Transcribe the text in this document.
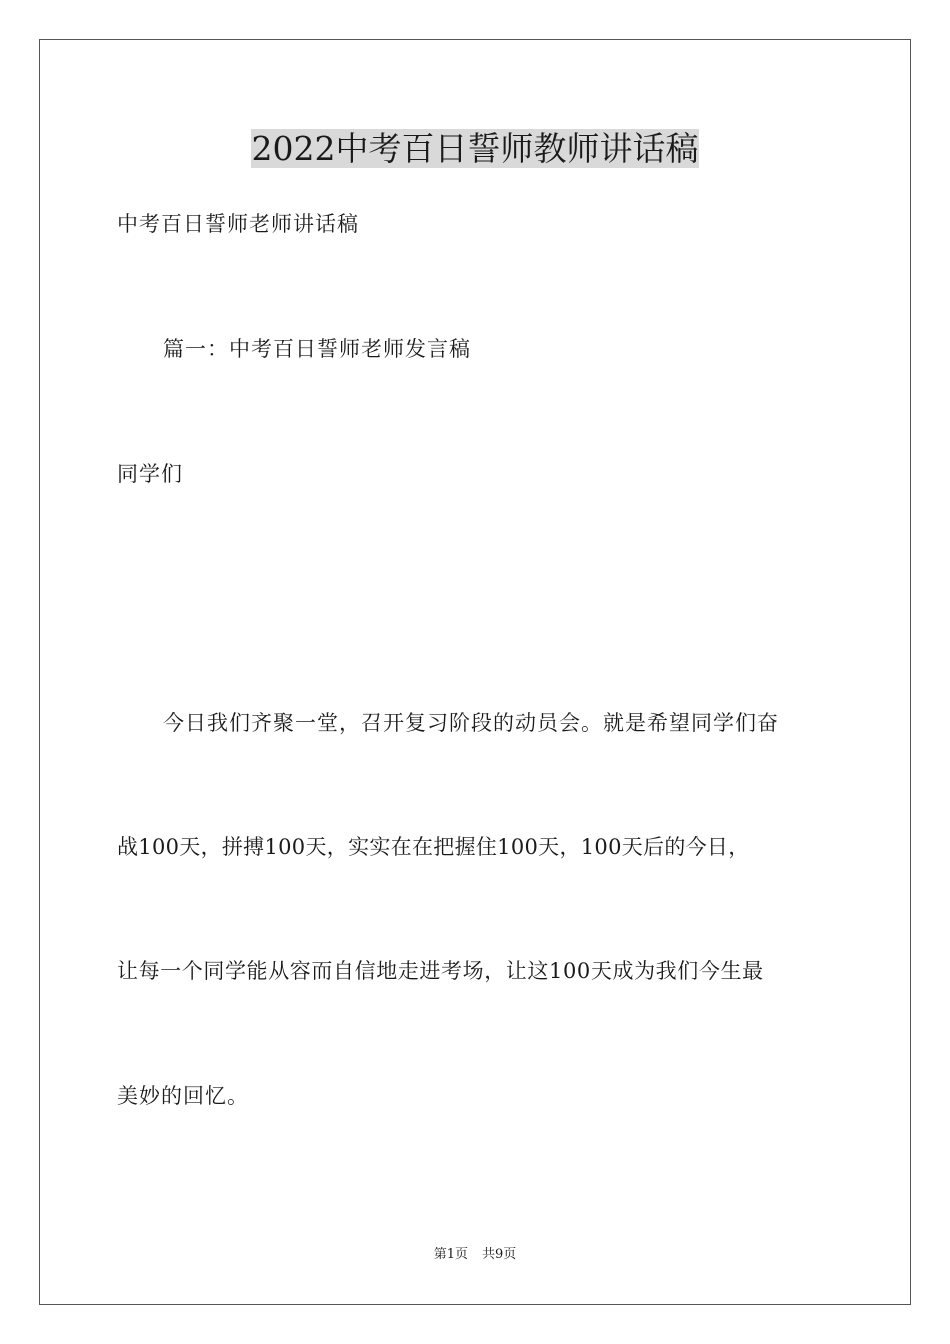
2022中考百日誓师教师讲话稿
中考百日誓师老师讲话稿
篇一：中考百日誓师老师发言稿
同学们
今日我们齐聚一堂，召开复习阶段的动员会。就是希望同学们奋
战100天，拼搏100天，实实在在把握住100天，100天后的今日，
让每一个同学能从容而自信地走进考场，让这100天成为我们今生最
美妙的回忆。
第1页 共9页
